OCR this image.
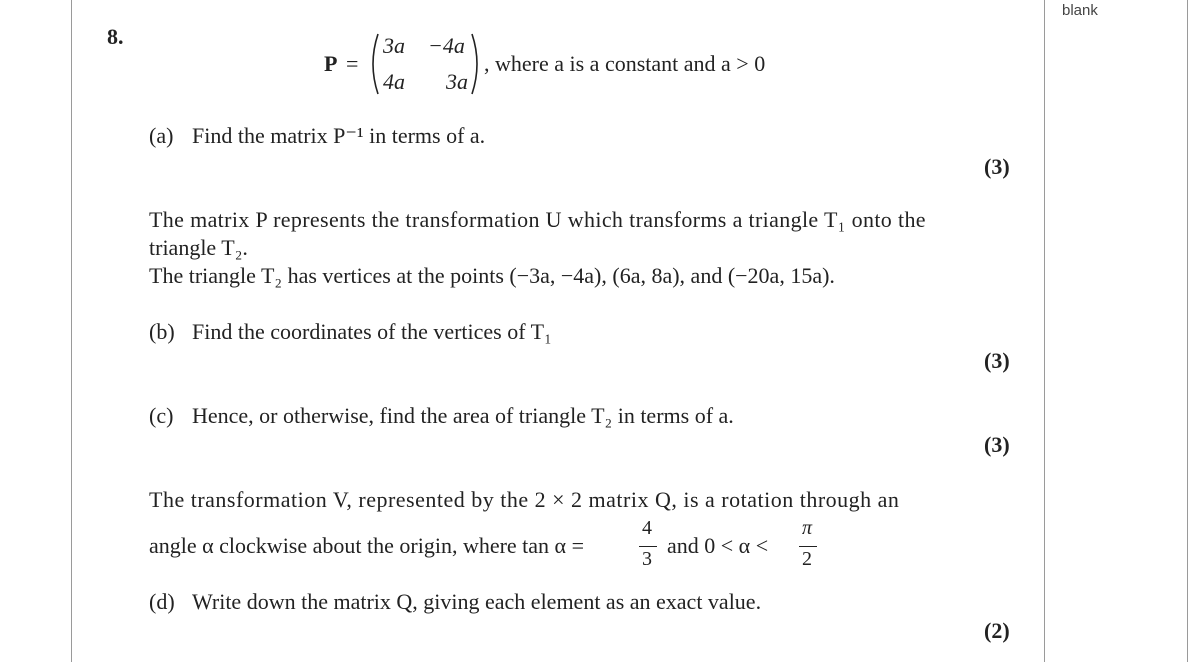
blank
8.
P =
3a −4a
4a 3a
, where a is a constant and a > 0
(a) Find the matrix P⁻¹ in terms of a.
(3)
The matrix P represents the transformation U which transforms a triangle T₁ onto the
triangle T₂.
The triangle T₂ has vertices at the points (−3a, −4a), (6a, 8a), and (−20a, 15a).
(b) Find the coordinates of the vertices of T₁
(3)
(c) Hence, or otherwise, find the area of triangle T₂ in terms of a.
(3)
The transformation V, represented by the 2 × 2 matrix Q, is a rotation through an
angle α clockwise about the origin, where tan α =
4
3
and 0 < α <
π
2
(d) Write down the matrix Q, giving each element as an exact value.
(2)
